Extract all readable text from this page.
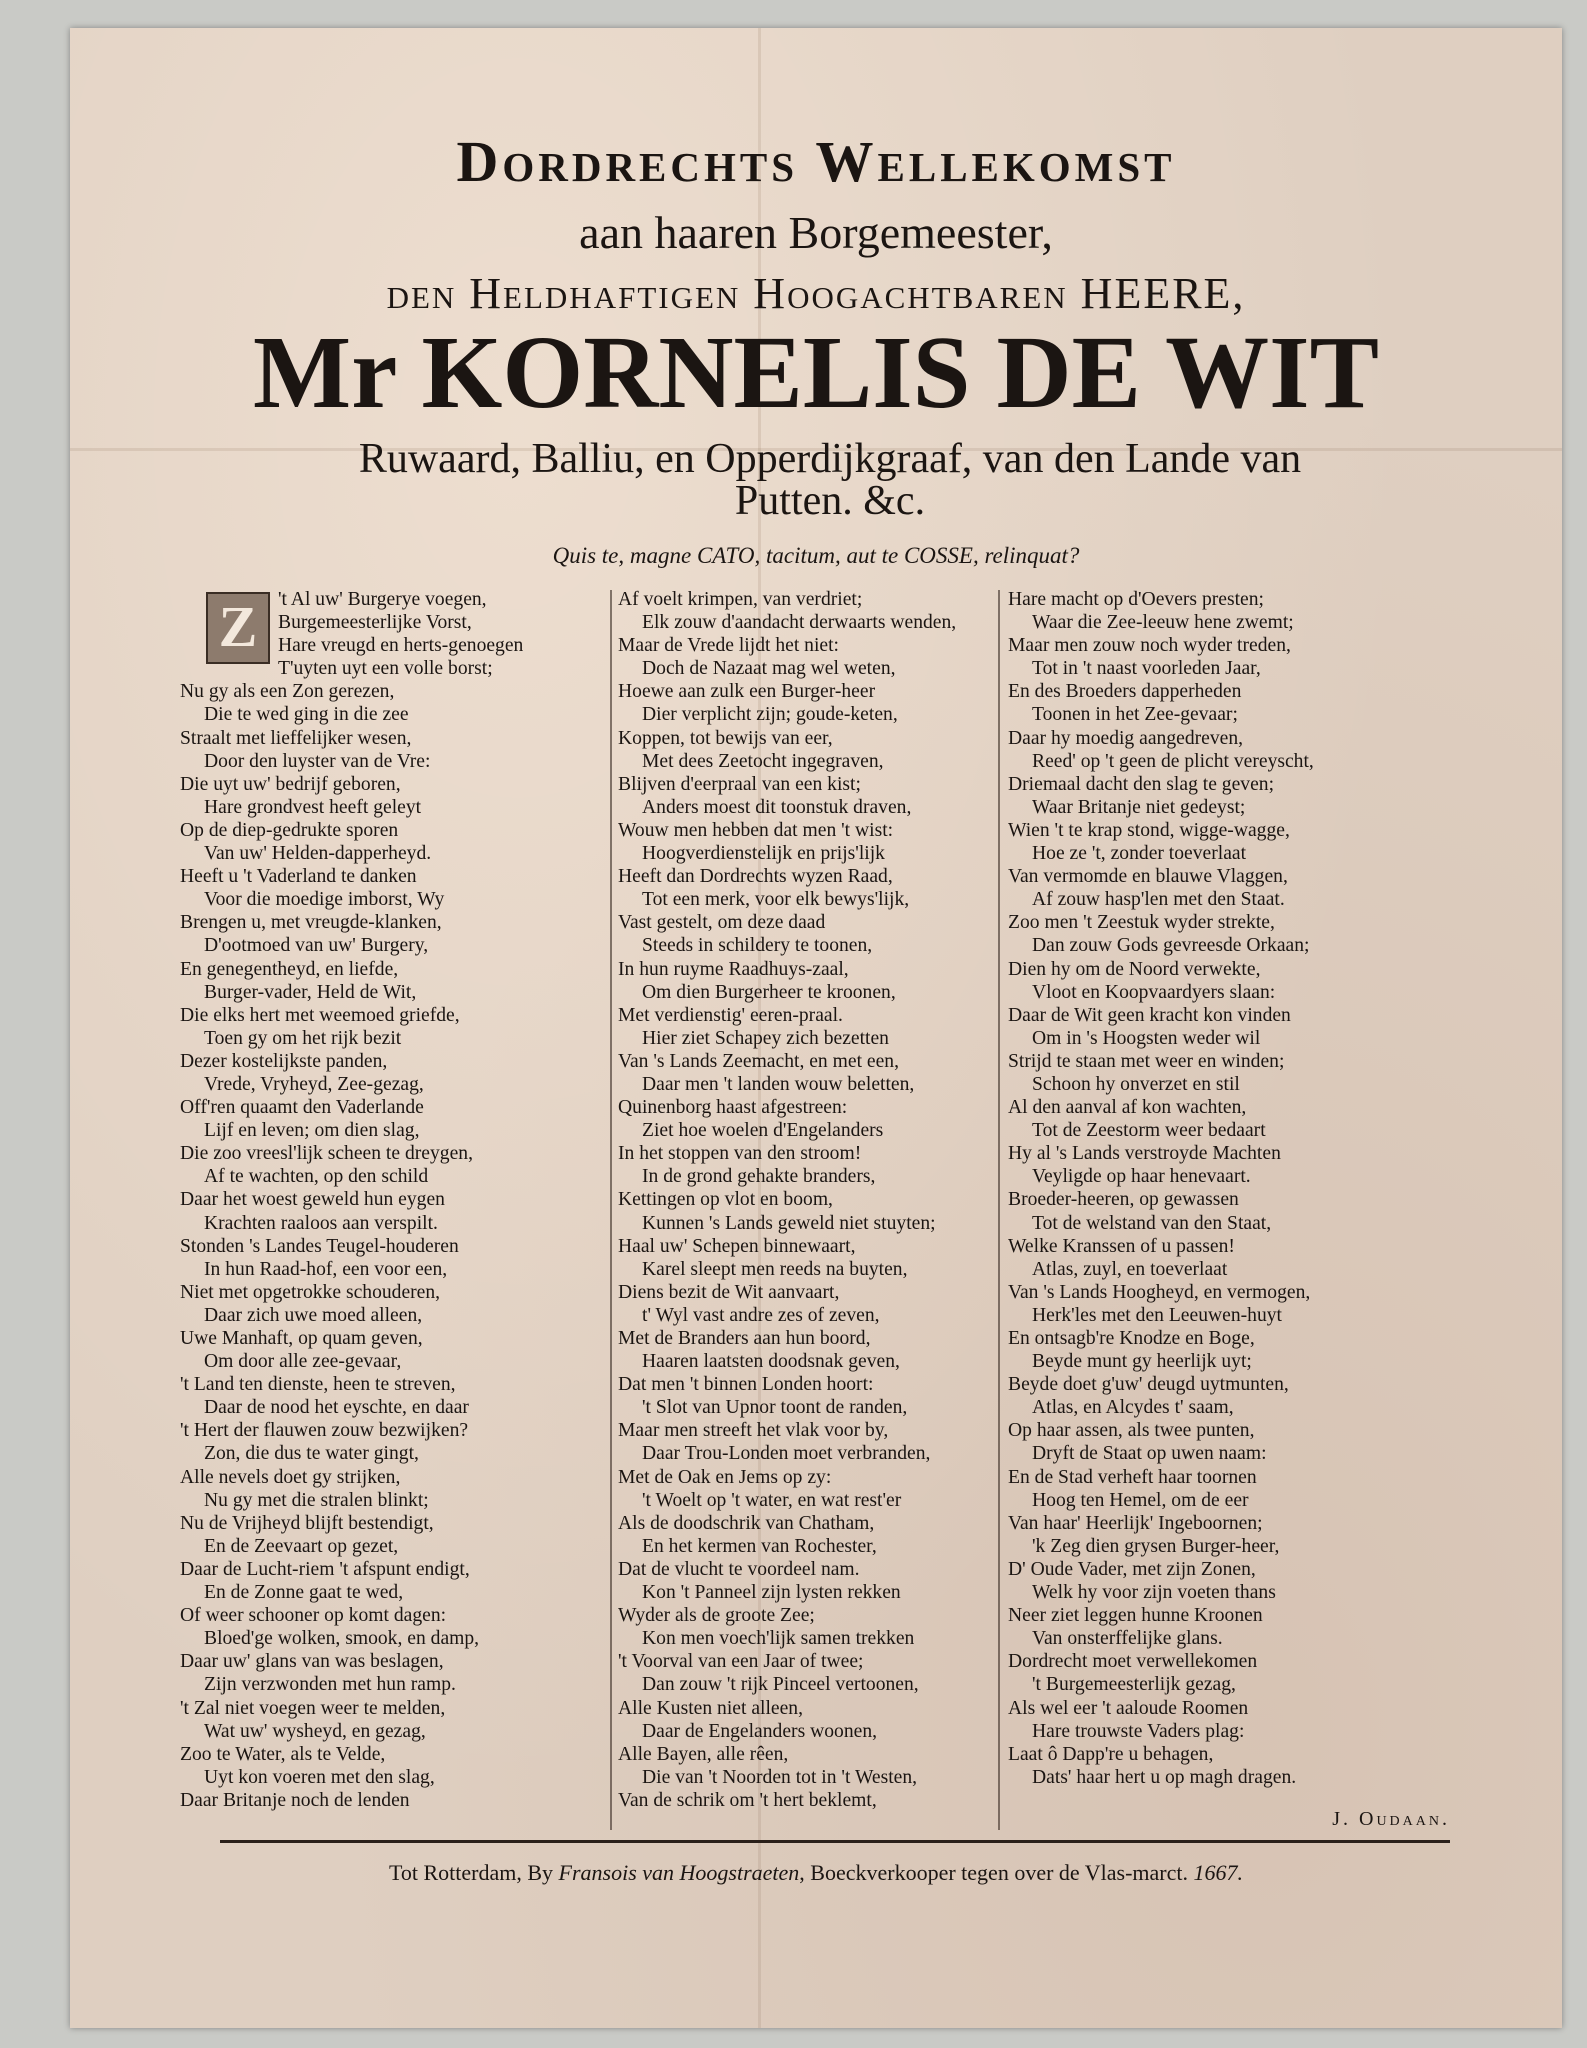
Dordrechts Wellekomst
aan haaren Borgemeester,
den Heldhaftigen Hoogachtbaren HEERE,
Mr KORNELIS DE WIT
Ruwaard, Balliu, en Opperdijkgraaf, van den Lande van Putten. &c.
Quis te, magne CATO, tacitum, aut te COSSE, relinquat?
Z	't Al uw' Burgerye voegen,
Burgemeesterlijke Vorst,
Hare vreugd en herts-genoegen
T'uyten uyt een volle borst;
Nu gy als een Zon gerezen,
Die te wed ging in die zee
Straalt met lieffelijker wesen,
Door den luyster van de Vre:
Die uyt uw' bedrijf geboren,
Hare grondvest heeft geleyt
Op de diep-gedrukte sporen
Van uw' Helden-dapperheyd.
Heeft u 't Vaderland te danken
Voor die moedige imborst, Wy
Brengen u, met vreugde-klanken,
D'ootmoed van uw' Burgery,
En genegentheyd, en liefde,
Burger-vader, Held de Wit,
Die elks hert met weemoed griefde,
Toen gy om het rijk bezit
Dezer kostelijkste panden,
Vrede, Vryheyd, Zee-gezag,
Off'ren quaamt den Vaderlande
Lijf en leven; om dien slag,
Die zoo vreesl'lijk scheen te dreygen,
Af te wachten, op den schild
Daar het woest geweld hun eygen
Krachten raaloos aan verspilt.
Stonden 's Landes Teugel-houderen
In hun Raad-hof, een voor een,
Niet met opgetrokke schouderen,
Daar zich uwe moed alleen,
Uwe Manhaft, op quam geven,
Om door alle zee-gevaar,
't Land ten dienste, heen te streven,
Daar de nood het eyschte, en daar
't Hert der flauwen zouw bezwijken?
Zon, die dus te water gingt,
Alle nevels doet gy strijken,
Nu gy met die stralen blinkt;
Nu de Vrijheyd blijft bestendigt,
En de Zeevaart op gezet,
Daar de Lucht-riem 't afspunt endigt,
En de Zonne gaat te wed,
Of weer schooner op komt dagen:
Bloed'ge wolken, smook, en damp,
Daar uw' glans van was beslagen,
Zijn verzwonden met hun ramp.
't Zal niet voegen weer te melden,
Wat uw' wysheyd, en gezag,
Zoo te Water, als te Velde,
Uyt kon voeren met den slag,
Daar Britanje noch de lenden
Af voelt krimpen, van verdriet;
Elk zouw d'aandacht derwaarts wenden,
Maar de Vrede lijdt het niet:
Doch de Nazaat mag wel weten,
Hoewe aan zulk een Burger-heer
Dier verplicht zijn; goude-keten,
Koppen, tot bewijs van eer,
Met dees Zeetocht ingegraven,
Blijven d'eerpraal van een kist;
Anders moest dit toonstuk draven,
Wouw men hebben dat men 't wist:
Hoogverdienstelijk en prijs'lijk
Heeft dan Dordrechts wyzen Raad,
Tot een merk, voor elk bewys'lijk,
Vast gestelt, om deze daad
Steeds in schildery te toonen,
In hun ruyme Raadhuys-zaal,
Om dien Burgerheer te kroonen,
Met verdienstig' eeren-praal.
Hier ziet Schapey zich bezetten
Van 's Lands Zeemacht, en met een,
Daar men 't landen wouw beletten,
Quinenborg haast afgestreen:
Ziet hoe woelen d'Engelanders
In het stoppen van den stroom!
In de grond gehakte branders,
Kettingen op vlot en boom,
Kunnen 's Lands geweld niet stuyten;
Haal uw' Schepen binnewaart,
Karel sleept men reeds na buyten,
Diens bezit de Wit aanvaart,
t' Wyl vast andre zes of zeven,
Met de Branders aan hun boord,
Haaren laatsten doodsnak geven,
Dat men 't binnen Londen hoort:
't Slot van Upnor toont de randen,
Maar men streeft het vlak voor by,
Daar Trou-Londen moet verbranden,
Met de Oak en Jems op zy:
't Woelt op 't water, en wat rest'er
Als de doodschrik van Chatham,
En het kermen van Rochester,
Dat de vlucht te voordeel nam.
Kon 't Panneel zijn lysten rekken
Wyder als de groote Zee;
Kon men voech'lijk samen trekken
't Voorval van een Jaar of twee;
Dan zouw 't rijk Pinceel vertoonen,
Alle Kusten niet alleen,
Daar de Engelanders woonen,
Alle Bayen, alle rêen,
Die van 't Noorden tot in 't Westen,
Van de schrik om 't hert beklemt,
Hare macht op d'Oevers presten;
Waar die Zee-leeuw hene zwemt;
Maar men zouw noch wyder treden,
Tot in 't naast voorleden Jaar,
En des Broeders dapperheden
Toonen in het Zee-gevaar;
Daar hy moedig aangedreven,
Reed' op 't geen de plicht vereyscht,
Driemaal dacht den slag te geven;
Waar Britanje niet gedeyst;
Wien 't te krap stond, wigge-wagge,
Hoe ze 't, zonder toeverlaat
Van vermomde en blauwe Vlaggen,
Af zouw hasp'len met den Staat.
Zoo men 't Zeestuk wyder strekte,
Dan zouw Gods gevreesde Orkaan;
Dien hy om de Noord verwekte,
Vloot en Koopvaardyers slaan:
Daar de Wit geen kracht kon vinden
Om in 's Hoogsten weder wil
Strijd te staan met weer en winden;
Schoon hy onverzet en stil
Al den aanval af kon wachten,
Tot de Zeestorm weer bedaart
Hy al 's Lands verstroyde Machten
Veyligde op haar henevaart.
Broeder-heeren, op gewassen
Tot de welstand van den Staat,
Welke Kranssen of u passen!
Atlas, zuyl, en toeverlaat
Van 's Lands Hoogheyd, en vermogen,
Herk'les met den Leeuwen-huyt
En ontsagb're Knodze en Boge,
Beyde munt gy heerlijk uyt;
Beyde doet g'uw' deugd uytmunten,
Atlas, en Alcydes t' saam,
Op haar assen, als twee punten,
Dryft de Staat op uwen naam:
En de Stad verheft haar toornen
Hoog ten Hemel, om de eer
Van haar' Heerlijk' Ingeboornen;
'k Zeg dien grysen Burger-heer,
D' Oude Vader, met zijn Zonen,
Welk hy voor zijn voeten thans
Neer ziet leggen hunne Kroonen
Van onsterffelijke glans.
Dordrecht moet verwellekomen
't Burgemeesterlijk gezag,
Als wel eer 't aaloude Roomen
Hare trouwste Vaders plag:
Laat ô Dapp're u behagen,
Dats' haar hert u op magh dragen.
J. Oudaan.
Tot Rotterdam, By Fransois van Hoogstraeten, Boeckverkooper tegen over de Vlas-marct. 1667.
